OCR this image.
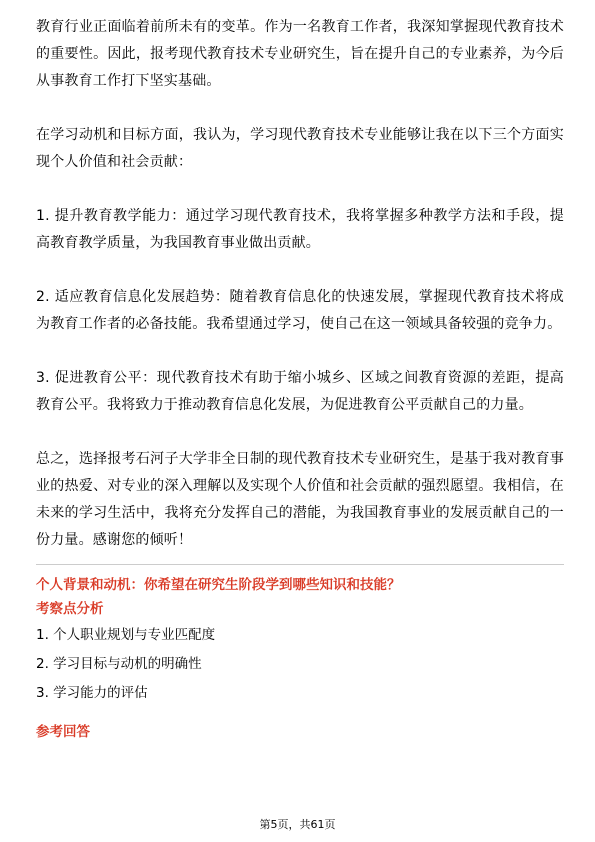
教育行业正面临着前所未有的变革。作为一名教育工作者，我深知掌握现代教育技术的重要性。因此，报考现代教育技术专业研究生，旨在提升自己的专业素养，为今后从事教育工作打下坚实基础。

在学习动机和目标方面，我认为，学习现代教育技术专业能够让我在以下三个方面实现个人价值和社会贡献：

1. 提升教育教学能力：通过学习现代教育技术，我将掌握多种教学方法和手段，提高教育教学质量，为我国教育事业做出贡献。

2. 适应教育信息化发展趋势：随着教育信息化的快速发展，掌握现代教育技术将成为教育工作者的必备技能。我希望通过学习，使自己在这一领域具备较强的竞争力。

3. 促进教育公平：现代教育技术有助于缩小城乡、区域之间教育资源的差距，提高教育公平。我将致力于推动教育信息化发展，为促进教育公平贡献自己的力量。

总之，选择报考石河子大学非全日制的现代教育技术专业研究生，是基于我对教育事业的热爱、对专业的深入理解以及实现个人价值和社会贡献的强烈愿望。我相信，在未来的学习生活中，我将充分发挥自己的潜能，为我国教育事业的发展贡献自己的一份力量。感谢您的倾听！

个人背景和动机：你希望在研究生阶段学到哪些知识和技能？

考察点分析

1. 个人职业规划与专业匹配度

2. 学习目标与动机的明确性

3. 学习能力的评估

参考回答

第5页，共61页
